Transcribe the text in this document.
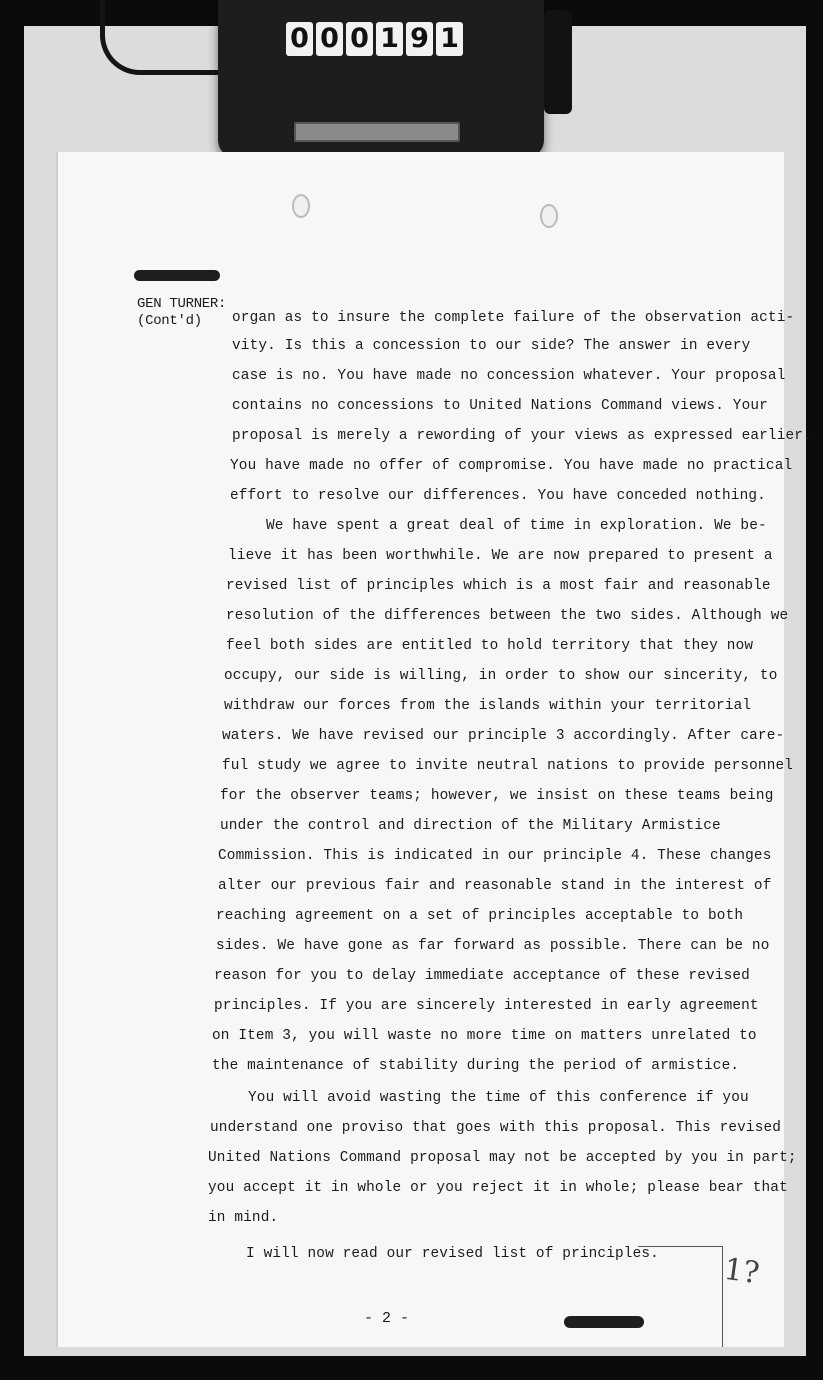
0 0 0 1 9 1
GEN TURNER:
(Cont'd)	organ as to insure the complete failure of the observation acti-
vity. Is this a concession to our side? The answer in every
case is no. You have made no concession whatever. Your proposal
contains no concessions to United Nations Command views. Your
proposal is merely a rewording of your views as expressed earlier.
You have made no offer of compromise. You have made no practical
effort to resolve our differences. You have conceded nothing.
We have spent a great deal of time in exploration. We be-
lieve it has been worthwhile. We are now prepared to present a
revised list of principles which is a most fair and reasonable
resolution of the differences between the two sides. Although we
feel both sides are entitled to hold territory that they now
occupy, our side is willing, in order to show our sincerity, to
withdraw our forces from the islands within your territorial
waters. We have revised our principle 3 accordingly. After care-
ful study we agree to invite neutral nations to provide personnel
for the observer teams; however, we insist on these teams being
under the control and direction of the Military Armistice
Commission. This is indicated in our principle 4. These changes
alter our previous fair and reasonable stand in the interest of
reaching agreement on a set of principles acceptable to both
sides. We have gone as far forward as possible. There can be no
reason for you to delay immediate acceptance of these revised
principles. If you are sincerely interested in early agreement
on Item 3, you will waste no more time on matters unrelated to
the maintenance of stability during the period of armistice.
You will avoid wasting the time of this conference if you
understand one proviso that goes with this proposal. This revised
United Nations Command proposal may not be accepted by you in part;
you accept it in whole or you reject it in whole; please bear that
in mind.
I will now read our revised list of principles.
- 2 -
1?
